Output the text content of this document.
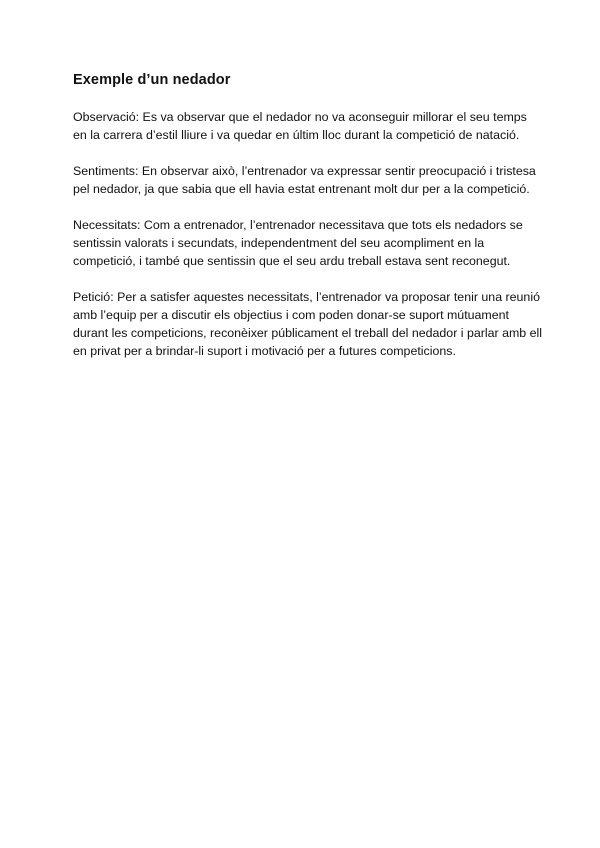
Exemple d’un nedador

Observació: Es va observar que el nedador no va aconseguir millorar el seu temps en la carrera d’estil lliure i va quedar en últim lloc durant la competició de natació.

Sentiments: En observar això, l’entrenador va expressar sentir preocupació i tristesa pel nedador, ja que sabia que ell havia estat entrenant molt dur per a la competició.

Necessitats: Com a entrenador, l’entrenador necessitava que tots els nedadors se sentissin valorats i secundats, independentment del seu acompliment en la competició, i també que sentissin que el seu ardu treball estava sent reconegut.

Petició: Per a satisfer aquestes necessitats, l’entrenador va proposar tenir una reunió amb l’equip per a discutir els objectius i com poden donar-se suport mútuament durant les competicions, reconèixer públicament el treball del nedador i parlar amb ell en privat per a brindar-li suport i motivació per a futures competicions.
